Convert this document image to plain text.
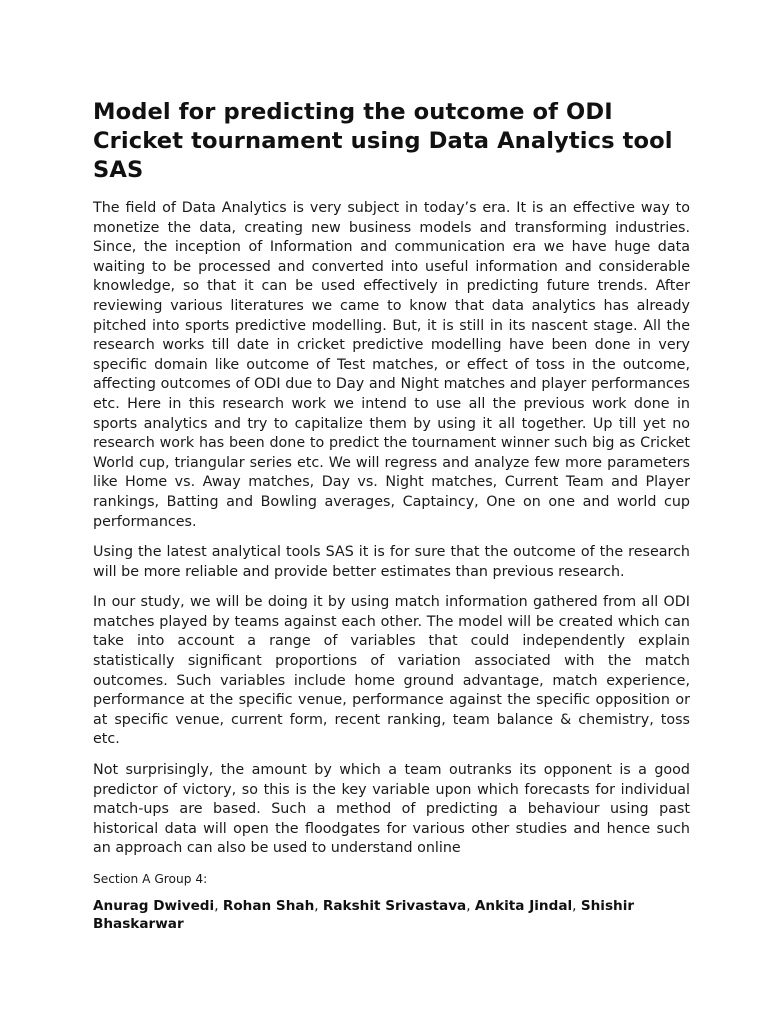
Model for predicting the outcome of ODI Cricket tournament using Data Analytics tool SAS

The field of Data Analytics is very subject in today’s era. It is an effective way to monetize the data, creating new business models and transforming industries. Since, the inception of Information and communication era we have huge data waiting to be processed and converted into useful information and considerable knowledge, so that it can be used effectively in predicting future trends. After reviewing various literatures we came to know that data analytics has already pitched into sports predictive modelling. But, it is still in its nascent stage. All the research works till date in cricket predictive modelling have been done in very specific domain like outcome of Test matches, or effect of toss in the outcome, affecting outcomes of ODI due to Day and Night matches and player performances etc. Here in this research work we intend to use all the previous work done in sports analytics and try to capitalize them by using it all together. Up till yet no research work has been done to predict the tournament winner such big as Cricket World cup, triangular series etc. We will regress and analyze few more parameters like Home vs. Away matches, Day vs. Night matches, Current Team and Player rankings, Batting and Bowling averages, Captaincy, One on one and world cup performances.

Using the latest analytical tools SAS it is for sure that the outcome of the research will be more reliable and provide better estimates than previous research.

In our study, we will be doing it by using match information gathered from all ODI matches played by teams against each other. The model will be created which can take into account a range of variables that could independently explain statistically significant proportions of variation associated with the match outcomes. Such variables include home ground advantage, match experience, performance at the specific venue, performance against the specific opposition or at specific venue, current form, recent ranking, team balance & chemistry, toss etc.

Not surprisingly, the amount by which a team outranks its opponent is a good predictor of victory, so this is the key variable upon which forecasts for individual match-ups are based. Such a method of predicting a behaviour using past historical data will open the floodgates for various other studies and hence such an approach can also be used to understand online

Section A Group 4:
Anurag Dwivedi, Rohan Shah, Rakshit Srivastava, Ankita Jindal, Shishir Bhaskarwar
